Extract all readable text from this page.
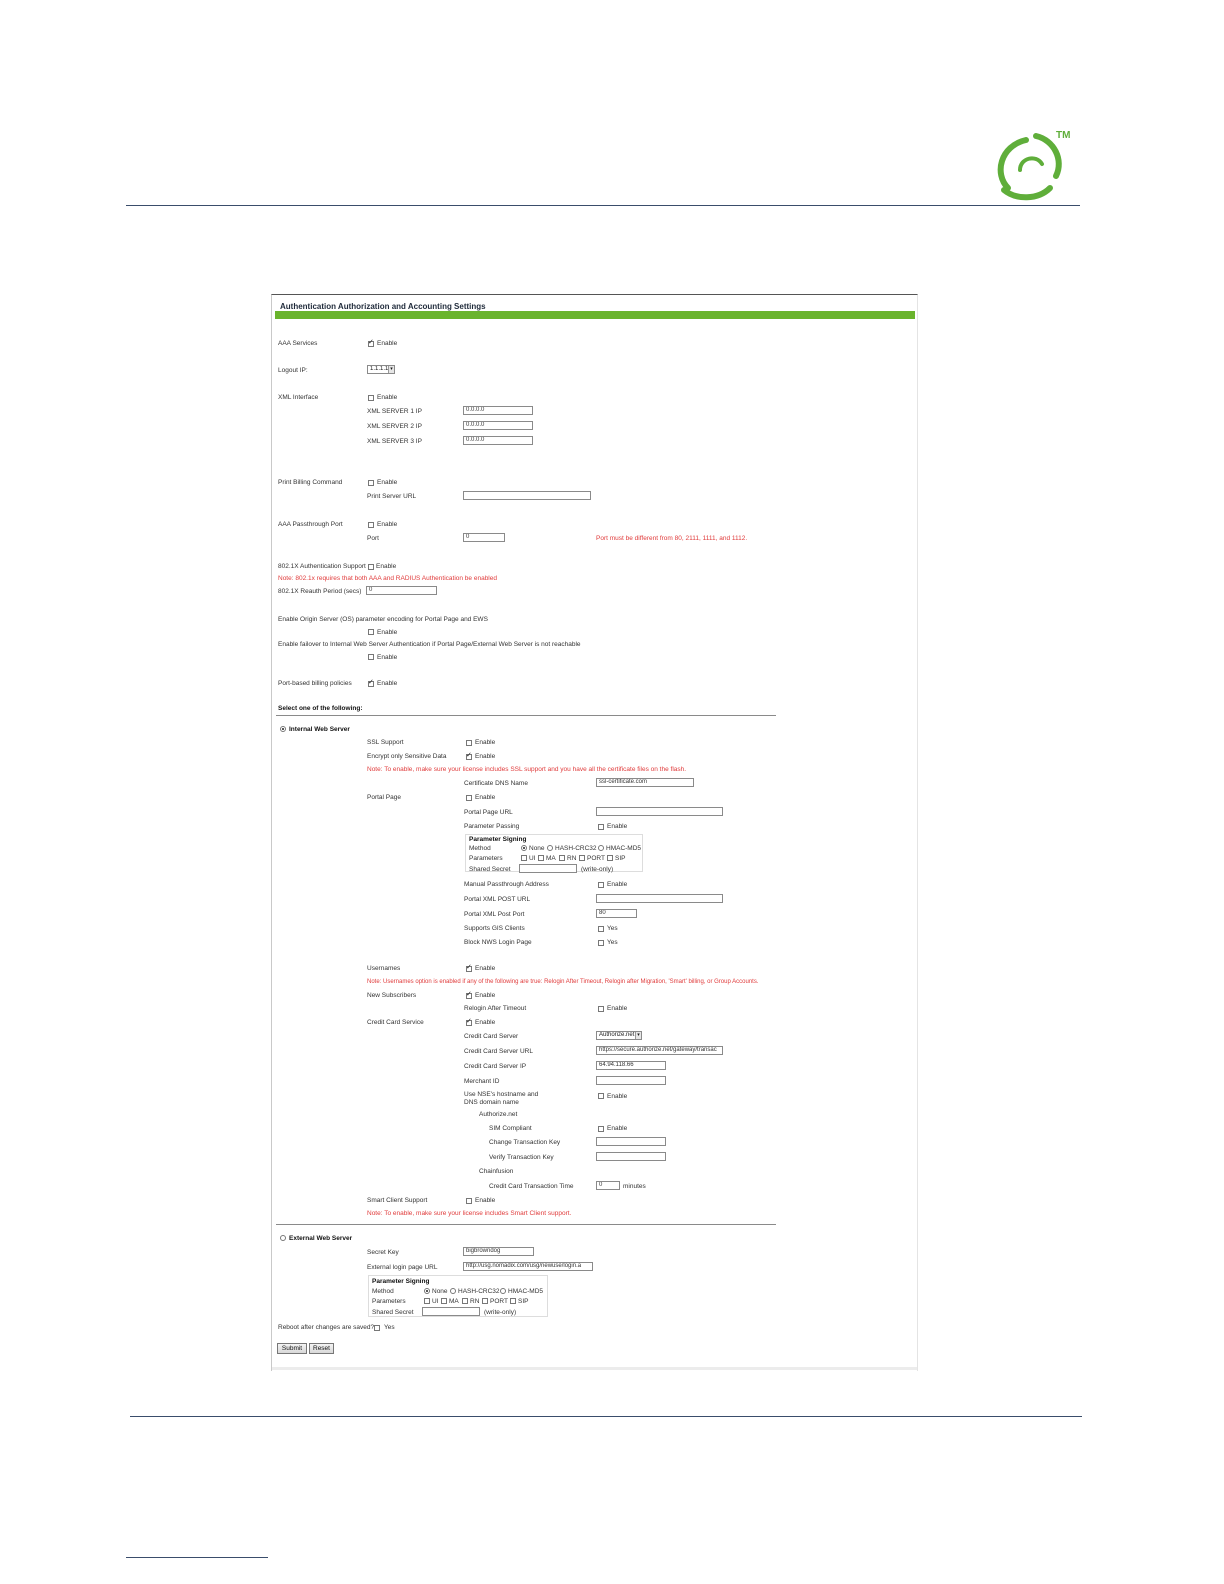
TM
Authentication Authorization and Accounting Settings
AAA Services ✓	Enable
Logout IP:	1.1.1.1 ▾
XML Interface	Enable
XML SERVER 1 IP	0.0.0.0
XML SERVER 2 IP	0.0.0.0
XML SERVER 3 IP	0.0.0.0
Print Billing Command	Enable
Print Server URL
AAA Passthrough Port	Enable
Port	0	Port must be different from 80, 2111, 1111, and 1112.
802.1X Authentication Support Enable
Note: 802.1x requires that both AAA and RADIUS Authentication be enabled
802.1X Reauth Period (secs)	0
Enable Origin Server (OS) parameter encoding for Portal Page and EWS
Enable
Enable failover to Internal Web Server Authentication if Portal Page/External Web Server is not reachable
Enable
Port-based billing policies ✓	Enable
Select one of the following:
Internal Web Server
SSL Support	Enable
Encrypt only Sensitive Data ✓	Enable
Note: To enable, make sure your license includes SSL support and you have all the certificate files on the flash.
Certificate DNS Name	ssl-certificate.com
Portal Page	Enable
Portal Page URL
Parameter Passing	Enable
Parameter Signing
Method	None HASH-CRC32 HMAC-MD5
Parameters	UI MA RN PORT SIP
Shared Secret	(write-only)
Manual Passthrough Address	Enable
Portal XML POST URL
Portal XML Post Port	80
Supports GIS Clients	Yes
Block NWS Login Page	Yes
Usernames ✓	Enable
Note: Usernames option is enabled if any of the following are true: Relogin After Timeout, Relogin after Migration, 'Smart' billing, or Group Accounts.
New Subscribers ✓	Enable
Relogin After Timeout	Enable
Credit Card Service ✓	Enable
Credit Card Server	Authorize.net ▾
Credit Card Server URL	https://secure.authorize.net/gateway/transac
Credit Card Server IP	64.94.118.66
Merchant ID
Use NSE's hostname and
DNS domain name
Enable
Authorize.net
SIM Compliant	Enable
Change Transaction Key
Verify Transaction Key
Chainfusion
Credit Card Transaction Time	0	minutes
Smart Client Support	Enable
Note: To enable, make sure your license includes Smart Client support.
External Web Server
Secret Key	bigbrowndog
External login page URL	http://usg.nomadix.com/usg/newuse/login.a
Parameter Signing
Method	None HASH-CRC32 HMAC-MD5
Parameters	UI MA RN PORT SIP
Shared Secret	(write-only)
Reboot after changes are saved? Yes
Submit	Reset
